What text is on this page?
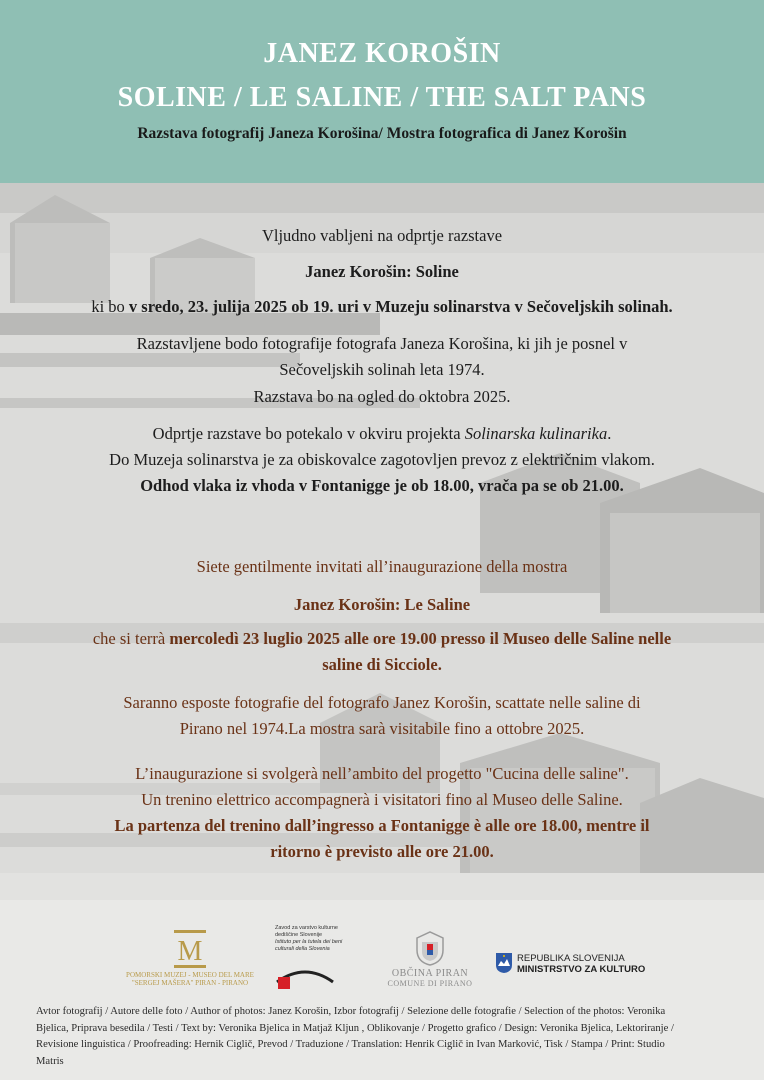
JANEZ KOROŠIN
SOLINE / LE SALINE / THE SALT PANS
Razstava fotografij Janeza Korošina/ Mostra fotografica di Janez Korošin
Vljudno vabljeni na odprtje razstave
Janez Korošin: Soline
ki bo v sredo, 23. julija 2025 ob 19. uri v Muzeju solinarstva v Sečoveljskih solinah.
Razstavljene bodo fotografije fotografa Janeza Korošina, ki jih je posnel v
Sečoveljskih solinah leta 1974.
Razstava bo na ogled do oktobra 2025.
Odprtje razstave bo potekalo v okviru projekta Solinarska kulinarika.
Do Muzeja solinarstva je za obiskovalce zagotovljen prevoz z električnim vlakom.
Odhod vlaka iz vhoda v Fontanigge je ob 18.00, vrača pa se ob 21.00.
Siete gentilmente invitati all’inaugurazione della mostra
Janez Korošin: Le Saline
che si terrà mercoledì 23 luglio 2025 alle ore 19.00 presso il Museo delle Saline nelle
saline di Sicciole.
Saranno esposte fotografie del fotografo Janez Korošin, scattate nelle saline di
Pirano nel 1974.La mostra sarà visitabile fino a ottobre 2025.
L’inaugurazione si svolgerà nell’ambito del progetto "Cucina delle saline".
Un trenino elettrico accompagnerà i visitatori fino al Museo delle Saline.
La partenza del trenino dall’ingresso a Fontanigge è alle ore 18.00, mentre il
ritorno è previsto alle ore 21.00.
M
POMORSKI MUZEJ - MUSEO DEL MARE
"SERGEJ MAŠERA" PIRAN - PIRANO
Zavod za varstvo kulturne
dediščine Slovenije
Istituto per la tutela dei beni
culturali della Slovenia
OBČINA PIRAN
COMUNE DI PIRANO
REPUBLIKA SLOVENIJA
MINISTRSTVO ZA KULTURO
Avtor fotografij / Autore delle foto / Author of photos: Janez Korošin, Izbor fotografij / Selezione delle fotografie / Selection of the photos: Veronika
Bjelica, Priprava besedila / Testi / Text by: Veronika Bjelica in Matjaž Kljun , Oblikovanje / Progetto grafico / Design: Veronika Bjelica, Lektoriranje /
Revisione linguistica / Proofreading: Hernik Ciglič, Prevod / Traduzione / Translation: Henrik Ciglič in Ivan Marković, Tisk / Stampa / Print: Studio
Matris
